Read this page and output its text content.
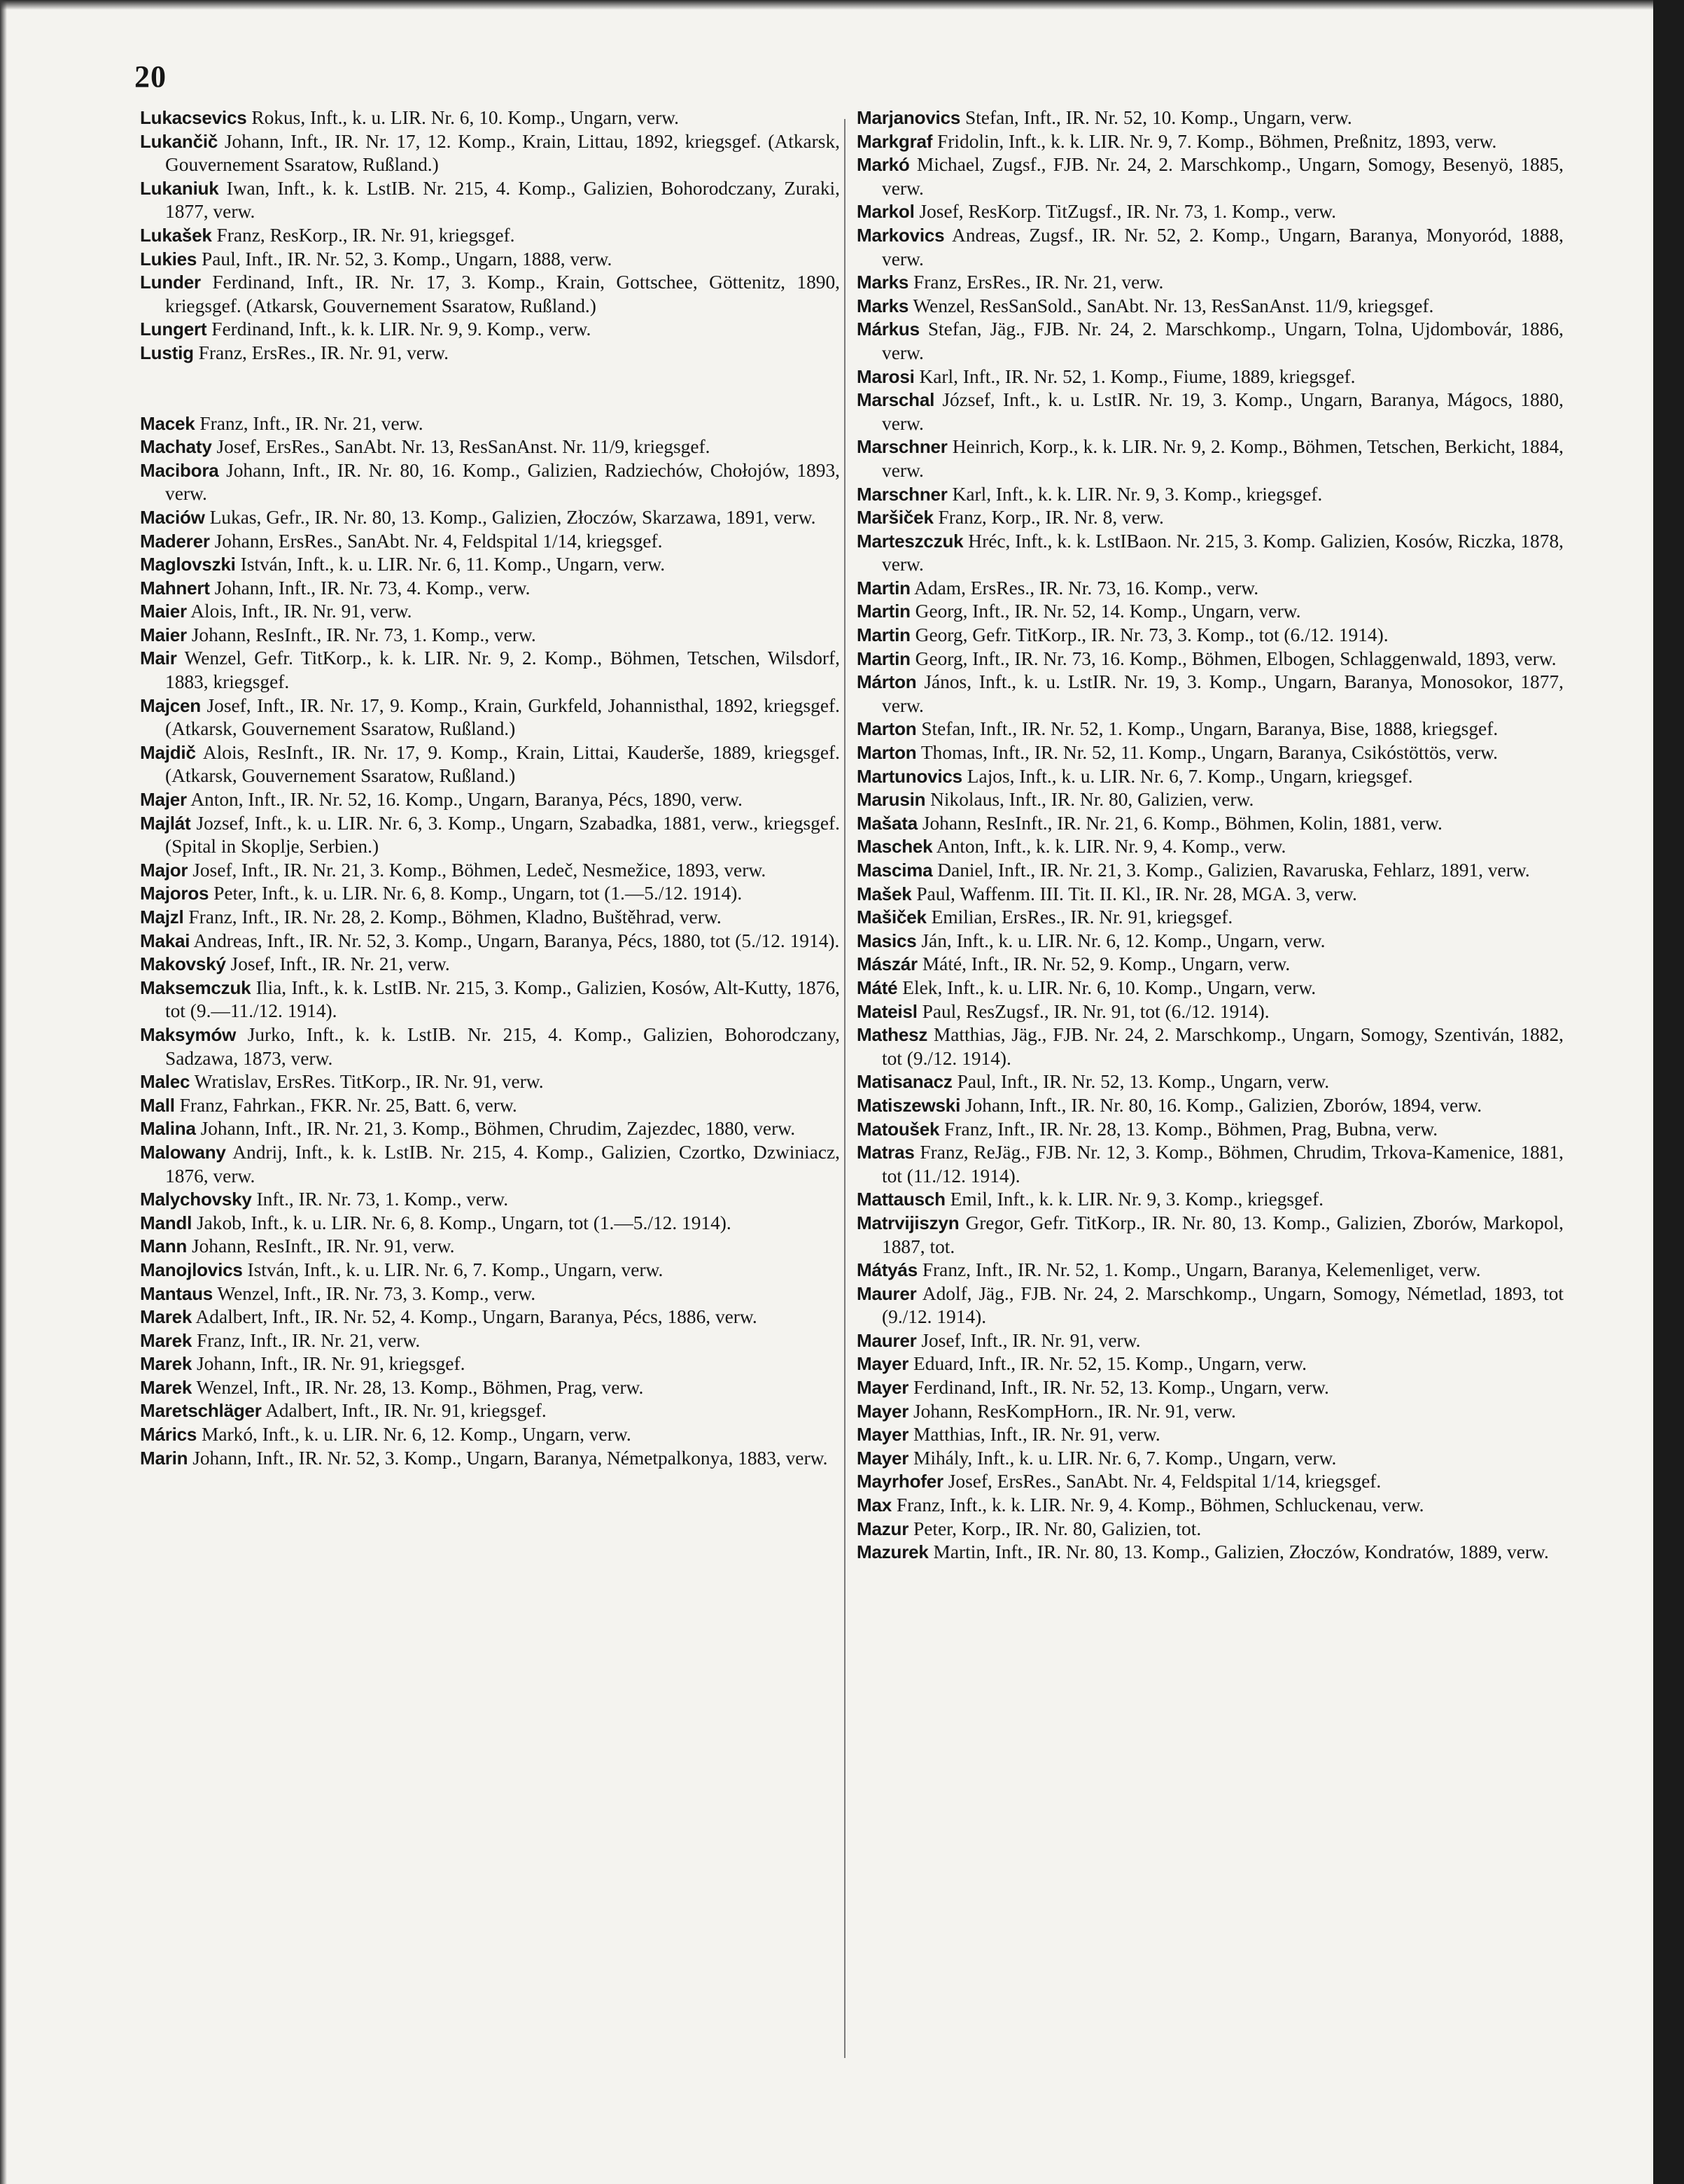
20

Lukacsevics Rokus, Inft., k. u. LIR. Nr. 6, 10. Komp., Ungarn, verw.

Lukančič Johann, Inft., IR. Nr. 17, 12. Komp., Krain, Littau, 1892, kriegsgef. (Atkarsk, Gouvernement Ssaratow, Rußland.)

Lukaniuk Iwan, Inft., k. k. LstIB. Nr. 215, 4. Komp., Galizien, Bohorodczany, Zuraki, 1877, verw.

Lukašek Franz, ResKorp., IR. Nr. 91, kriegsgef.

Lukies Paul, Inft., IR. Nr. 52, 3. Komp., Ungarn, 1888, verw.

Lunder Ferdinand, Inft., IR. Nr. 17, 3. Komp., Krain, Gottschee, Göttenitz, 1890, kriegsgef. (Atkarsk, Gouvernement Ssaratow, Rußland.)

Lungert Ferdinand, Inft., k. k. LIR. Nr. 9, 9. Komp., verw.

Lustig Franz, ErsRes., IR. Nr. 91, verw.

Macek Franz, Inft., IR. Nr. 21, verw.

Machaty Josef, ErsRes., SanAbt. Nr. 13, ResSanAnst. Nr. 11/9, kriegsgef.

Macibora Johann, Inft., IR. Nr. 80, 16. Komp., Galizien, Radziechów, Chołojów, 1893, verw.

Maciów Lukas, Gefr., IR. Nr. 80, 13. Komp., Galizien, Złoczów, Skarzawa, 1891, verw.

Maderer Johann, ErsRes., SanAbt. Nr. 4, Feldspital 1/14, kriegsgef.

Maglovszki István, Inft., k. u. LIR. Nr. 6, 11. Komp., Ungarn, verw.

Mahnert Johann, Inft., IR. Nr. 73, 4. Komp., verw.

Maier Alois, Inft., IR. Nr. 91, verw.

Maier Johann, ResInft., IR. Nr. 73, 1. Komp., verw.

Mair Wenzel, Gefr. TitKorp., k. k. LIR. Nr. 9, 2. Komp., Böhmen, Tetschen, Wilsdorf, 1883, kriegsgef.

Majcen Josef, Inft., IR. Nr. 17, 9. Komp., Krain, Gurkfeld, Johannisthal, 1892, kriegsgef. (Atkarsk, Gouvernement Ssaratow, Rußland.)

Majdič Alois, ResInft., IR. Nr. 17, 9. Komp., Krain, Littai, Kauderše, 1889, kriegsgef. (Atkarsk, Gouvernement Ssaratow, Rußland.)

Majer Anton, Inft., IR. Nr. 52, 16. Komp., Ungarn, Baranya, Pécs, 1890, verw.

Majlát Jozsef, Inft., k. u. LIR. Nr. 6, 3. Komp., Ungarn, Szabadka, 1881, verw., kriegsgef. (Spital in Skoplje, Serbien.)

Major Josef, Inft., IR. Nr. 21, 3. Komp., Böhmen, Ledeč, Nesmežice, 1893, verw.

Majoros Peter, Inft., k. u. LIR. Nr. 6, 8. Komp., Ungarn, tot (1.—5./12. 1914).

Majzl Franz, Inft., IR. Nr. 28, 2. Komp., Böhmen, Kladno, Buštěhrad, verw.

Makai Andreas, Inft., IR. Nr. 52, 3. Komp., Ungarn, Baranya, Pécs, 1880, tot (5./12. 1914).

Makovský Josef, Inft., IR. Nr. 21, verw.

Maksemczuk Ilia, Inft., k. k. LstIB. Nr. 215, 3. Komp., Galizien, Kosów, Alt-Kutty, 1876, tot (9.—11./12. 1914).

Maksymów Jurko, Inft., k. k. LstIB. Nr. 215, 4. Komp., Galizien, Bohorodczany, Sadzawa, 1873, verw.

Malec Wratislav, ErsRes. TitKorp., IR. Nr. 91, verw.

Mall Franz, Fahrkan., FKR. Nr. 25, Batt. 6, verw.

Malina Johann, Inft., IR. Nr. 21, 3. Komp., Böhmen, Chrudim, Zajezdec, 1880, verw.

Malowany Andrij, Inft., k. k. LstIB. Nr. 215, 4. Komp., Galizien, Czortko, Dzwiniacz, 1876, verw.

Malychovsky Inft., IR. Nr. 73, 1. Komp., verw.

Mandl Jakob, Inft., k. u. LIR. Nr. 6, 8. Komp., Ungarn, tot (1.—5./12. 1914).

Mann Johann, ResInft., IR. Nr. 91, verw.

Manojlovics István, Inft., k. u. LIR. Nr. 6, 7. Komp., Ungarn, verw.

Mantaus Wenzel, Inft., IR. Nr. 73, 3. Komp., verw.

Marek Adalbert, Inft., IR. Nr. 52, 4. Komp., Ungarn, Baranya, Pécs, 1886, verw.

Marek Franz, Inft., IR. Nr. 21, verw.

Marek Johann, Inft., IR. Nr. 91, kriegsgef.

Marek Wenzel, Inft., IR. Nr. 28, 13. Komp., Böhmen, Prag, verw.

Maretschläger Adalbert, Inft., IR. Nr. 91, kriegsgef.

Márics Markó, Inft., k. u. LIR. Nr. 6, 12. Komp., Ungarn, verw.

Marin Johann, Inft., IR. Nr. 52, 3. Komp., Ungarn, Baranya, Németpalkonya, 1883, verw.

Marjanovics Stefan, Inft., IR. Nr. 52, 10. Komp., Ungarn, verw.

Markgraf Fridolin, Inft., k. k. LIR. Nr. 9, 7. Komp., Böhmen, Preßnitz, 1893, verw.

Markó Michael, Zugsf., FJB. Nr. 24, 2. Marschkomp., Ungarn, Somogy, Besenyö, 1885, verw.

Markol Josef, ResKorp. TitZugsf., IR. Nr. 73, 1. Komp., verw.

Markovics Andreas, Zugsf., IR. Nr. 52, 2. Komp., Ungarn, Baranya, Monyoród, 1888, verw.

Marks Franz, ErsRes., IR. Nr. 21, verw.

Marks Wenzel, ResSanSold., SanAbt. Nr. 13, ResSanAnst. 11/9, kriegsgef.

Márkus Stefan, Jäg., FJB. Nr. 24, 2. Marschkomp., Ungarn, Tolna, Ujdombovár, 1886, verw.

Marosi Karl, Inft., IR. Nr. 52, 1. Komp., Fiume, 1889, kriegsgef.

Marschal József, Inft., k. u. LstIR. Nr. 19, 3. Komp., Ungarn, Baranya, Mágocs, 1880, verw.

Marschner Heinrich, Korp., k. k. LIR. Nr. 9, 2. Komp., Böhmen, Tetschen, Berkicht, 1884, verw.

Marschner Karl, Inft., k. k. LIR. Nr. 9, 3. Komp., kriegsgef.

Maršiček Franz, Korp., IR. Nr. 8, verw.

Marteszczuk Hréc, Inft., k. k. LstIBaon. Nr. 215, 3. Komp. Galizien, Kosów, Riczka, 1878, verw.

Martin Adam, ErsRes., IR. Nr. 73, 16. Komp., verw.

Martin Georg, Inft., IR. Nr. 52, 14. Komp., Ungarn, verw.

Martin Georg, Gefr. TitKorp., IR. Nr. 73, 3. Komp., tot (6./12. 1914).

Martin Georg, Inft., IR. Nr. 73, 16. Komp., Böhmen, Elbogen, Schlaggenwald, 1893, verw.

Márton János, Inft., k. u. LstIR. Nr. 19, 3. Komp., Ungarn, Baranya, Monosokor, 1877, verw.

Marton Stefan, Inft., IR. Nr. 52, 1. Komp., Ungarn, Baranya, Bise, 1888, kriegsgef.

Marton Thomas, Inft., IR. Nr. 52, 11. Komp., Ungarn, Baranya, Csikóstöttös, verw.

Martunovics Lajos, Inft., k. u. LIR. Nr. 6, 7. Komp., Ungarn, kriegsgef.

Marusin Nikolaus, Inft., IR. Nr. 80, Galizien, verw.

Mašata Johann, ResInft., IR. Nr. 21, 6. Komp., Böhmen, Kolin, 1881, verw.

Maschek Anton, Inft., k. k. LIR. Nr. 9, 4. Komp., verw.

Mascima Daniel, Inft., IR. Nr. 21, 3. Komp., Galizien, Ravaruska, Fehlarz, 1891, verw.

Mašek Paul, Waffenm. III. Tit. II. Kl., IR. Nr. 28, MGA. 3, verw.

Mašiček Emilian, ErsRes., IR. Nr. 91, kriegsgef.

Masics Ján, Inft., k. u. LIR. Nr. 6, 12. Komp., Ungarn, verw.

Mászár Máté, Inft., IR. Nr. 52, 9. Komp., Ungarn, verw.

Máté Elek, Inft., k. u. LIR. Nr. 6, 10. Komp., Ungarn, verw.

Mateisl Paul, ResZugsf., IR. Nr. 91, tot (6./12. 1914).

Mathesz Matthias, Jäg., FJB. Nr. 24, 2. Marschkomp., Ungarn, Somogy, Szentiván, 1882, tot (9./12. 1914).

Matisanacz Paul, Inft., IR. Nr. 52, 13. Komp., Ungarn, verw.

Matiszewski Johann, Inft., IR. Nr. 80, 16. Komp., Galizien, Zborów, 1894, verw.

Matoušek Franz, Inft., IR. Nr. 28, 13. Komp., Böhmen, Prag, Bubna, verw.

Matras Franz, ReJäg., FJB. Nr. 12, 3. Komp., Böhmen, Chrudim, Trkova-Kamenice, 1881, tot (11./12. 1914).

Mattausch Emil, Inft., k. k. LIR. Nr. 9, 3. Komp., kriegsgef.

Matrvijiszyn Gregor, Gefr. TitKorp., IR. Nr. 80, 13. Komp., Galizien, Zborów, Markopol, 1887, tot.

Mátyás Franz, Inft., IR. Nr. 52, 1. Komp., Ungarn, Baranya, Kelemenliget, verw.

Maurer Adolf, Jäg., FJB. Nr. 24, 2. Marschkomp., Ungarn, Somogy, Németlad, 1893, tot (9./12. 1914).

Maurer Josef, Inft., IR. Nr. 91, verw.

Mayer Eduard, Inft., IR. Nr. 52, 15. Komp., Ungarn, verw.

Mayer Ferdinand, Inft., IR. Nr. 52, 13. Komp., Ungarn, verw.

Mayer Johann, ResKompHorn., IR. Nr. 91, verw.

Mayer Matthias, Inft., IR. Nr. 91, verw.

Mayer Mihály, Inft., k. u. LIR. Nr. 6, 7. Komp., Ungarn, verw.

Mayrhofer Josef, ErsRes., SanAbt. Nr. 4, Feldspital 1/14, kriegsgef.

Max Franz, Inft., k. k. LIR. Nr. 9, 4. Komp., Böhmen, Schluckenau, verw.

Mazur Peter, Korp., IR. Nr. 80, Galizien, tot.

Mazurek Martin, Inft., IR. Nr. 80, 13. Komp., Galizien, Złoczów, Kondratów, 1889, verw.
